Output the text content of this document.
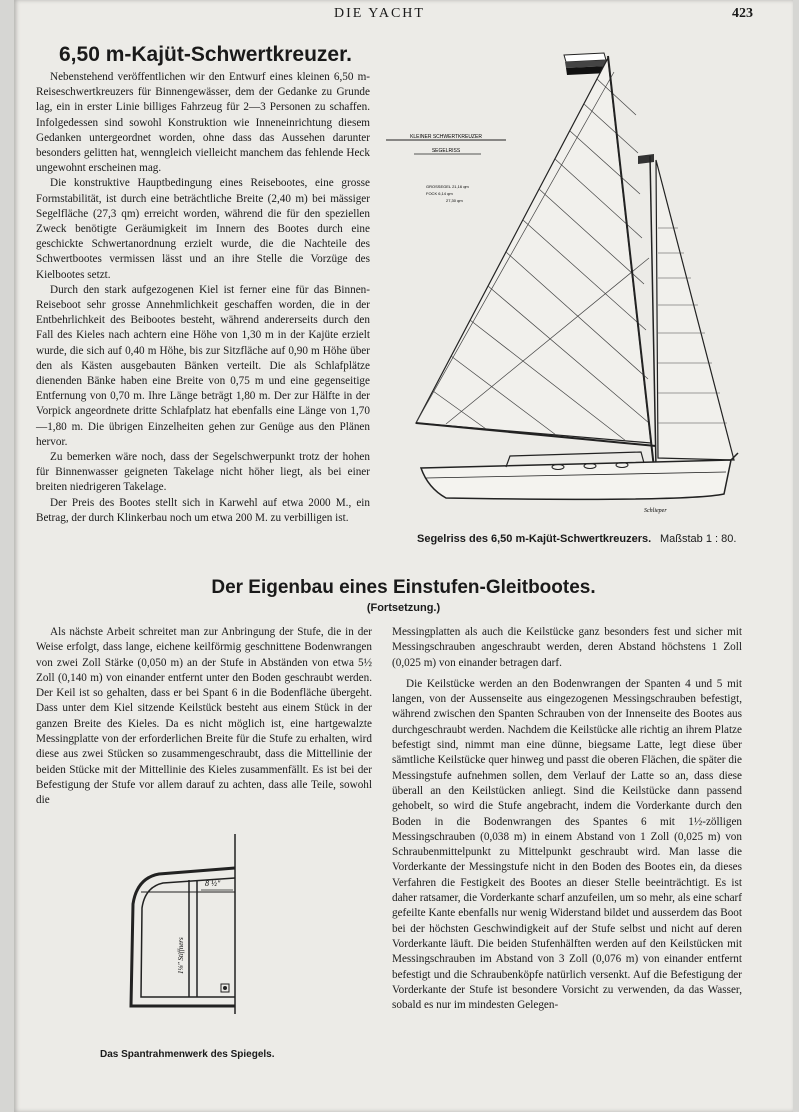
DIE YACHT	423
6,50 m-Kajüt-Schwertkreuzer.

Nebenstehend veröffentlichen wir den Entwurf eines kleinen 6,50 m-Reiseschwertkreuzers für Binnengewässer, dem der Gedanke zu Grunde lag, ein in erster Linie billiges Fahrzeug für 2—3 Personen zu schaffen. Infolgedessen sind sowohl Konstruktion wie Inneneinrichtung diesem Gedanken untergeordnet worden, ohne dass das Aussehen darunter besonders gelitten hat, wenngleich vielleicht manchem das fehlende Heck ungewohnt erscheinen mag.

Die konstruktive Hauptbedingung eines Reisebootes, eine grosse Formstabilität, ist durch eine beträchtliche Breite (2,40 m) bei mässiger Segelfläche (27,3 qm) erreicht worden, während die für den speziellen Zweck benötigte Geräumigkeit im Innern des Bootes durch eine geschickte Schwertanordnung erzielt wurde, die die Nachteile des Schwertbootes vermissen lässt und an ihre Stelle die Vorzüge des Kielbootes setzt.

Durch den stark aufgezogenen Kiel ist ferner eine für das Binnen-Reiseboot sehr grosse Annehmlichkeit geschaffen worden, die in der Entbehrlichkeit des Beibootes besteht, während andererseits durch den Fall des Kieles nach achtern eine Höhe von 1,30 m in der Kajüte erzielt wurde, die sich auf 0,40 m Höhe, bis zur Sitzfläche auf 0,90 m Höhe über den als Kästen ausgebauten Bänken verteilt. Die als Schlafplätze dienenden Bänke haben eine Breite von 0,75 m und eine gegenseitige Entfernung von 0,70 m. Ihre Länge beträgt 1,80 m. Der zur Hälfte in der Vorpick angeordnete dritte Schlafplatz hat ebenfalls eine Länge von 1,70—1,80 m. Die übrigen Einzelheiten gehen zur Genüge aus den Plänen hervor.

Zu bemerken wäre noch, dass der Segelschwerpunkt trotz der hohen für Binnenwasser geigneten Takelage nicht höher liegt, als bei einer breiten niedrigeren Takelage.

Der Preis des Bootes stellt sich in Karwehl auf etwa 2000 M., ein Betrag, der durch Klinkerbau noch um etwa 200 M. zu verbilligen ist.

KLEINER SCHWERTKREUZER
SEGELRISS
GROSSEGEL 21,16 qm
FOCK 6,14 qm
27,30 qm
Schlieper
Segelriss des 6,50 m-Kajüt-Schwertkreuzers. Maßstab 1 : 80.
Der Eigenbau eines Einstufen-Gleitbootes.
(Fortsetzung.)

Als nächste Arbeit schreitet man zur Anbringung der Stufe, die in der Weise erfolgt, dass lange, eichene keilförmig geschnittene Bodenwrangen von zwei Zoll Stärke (0,050 m) an der Stufe in Abständen von etwa 5½ Zoll (0,140 m) von einander entfernt unter den Boden geschraubt werden. Der Keil ist so gehalten, dass er bei Spant 6 in die Bodenfläche übergeht. Dass unter dem Kiel sitzende Keilstück besteht aus einem Stück in der ganzen Breite des Kieles. Da es nicht möglich ist, eine hartgewalzte Messingplatte von der erforderlichen Breite für die Stufe zu erhalten, wird diese aus zwei Stücken so zusammengeschraubt, dass die Mittellinie der beiden Stücke mit der Mittellinie des Kieles zusammenfällt. Es ist bei der Befestigung der Stufe vor allem darauf zu achten, dass alle Teile, sowohl die

Messingplatten als auch die Keilstücke ganz besonders fest und sicher mit Messingschrauben angeschraubt werden, deren Abstand höchstens 1 Zoll (0,025 m) von einander betragen darf.

Die Keilstücke werden an den Bodenwrangen der Spanten 4 und 5 mit langen, von der Aussenseite aus eingezogenen Messingschrauben befestigt, während zwischen den Spanten Schrauben von der Innenseite des Bootes aus durchgeschraubt werden. Nachdem die Keilstücke alle richtig an ihrem Platze befestigt sind, nimmt man eine dünne, biegsame Latte, legt diese über sämtliche Keilstücke quer hinweg und passt die oberen Flächen, die später die Messingstufe aufnehmen sollen, dem Verlauf der Latte so an, dass diese überall an den Keilstücken anliegt. Sind die Keilstücke dann passend gehobelt, so wird die Stufe angebracht, indem die Vorderkante durch den Boden in die Bodenwrangen des Spantes 6 mit 1½-zölligen Messingschrauben (0,038 m) in einem Abstand von 1 Zoll (0,025 m) von Schraubenmittelpunkt zu Mittelpunkt geschraubt wird. Man lasse die Vorderkante der Messingstufe nicht in den Boden des Bootes ein, da dieses Verfahren die Festigkeit des Bootes an dieser Stelle beeinträchtigt. Es ist daher ratsamer, die Vorderkante scharf anzufeilen, um so mehr, als eine scharf gefeilte Kante ebenfalls nur wenig Widerstand bildet und ausserdem das Boot bei der höchsten Geschwindigkeit auf der Stufe selbst und nicht auf deren Vorderkante läuft. Die beiden Stufenhälften werden auf den Keilstücken mit Messingschrauben im Abstand von 3 Zoll (0,076 m) von einander entfernt befestigt und die Schraubenköpfe natürlich versenkt. Auf die Befestigung der Vorderkante der Stufe ist besondere Vorsicht zu verwenden, da das Wasser, sobald es nur im mindesten Gelegen-

8 ½″
1⅛″ Stiffners
Das Spantrahmenwerk des Spiegels.
